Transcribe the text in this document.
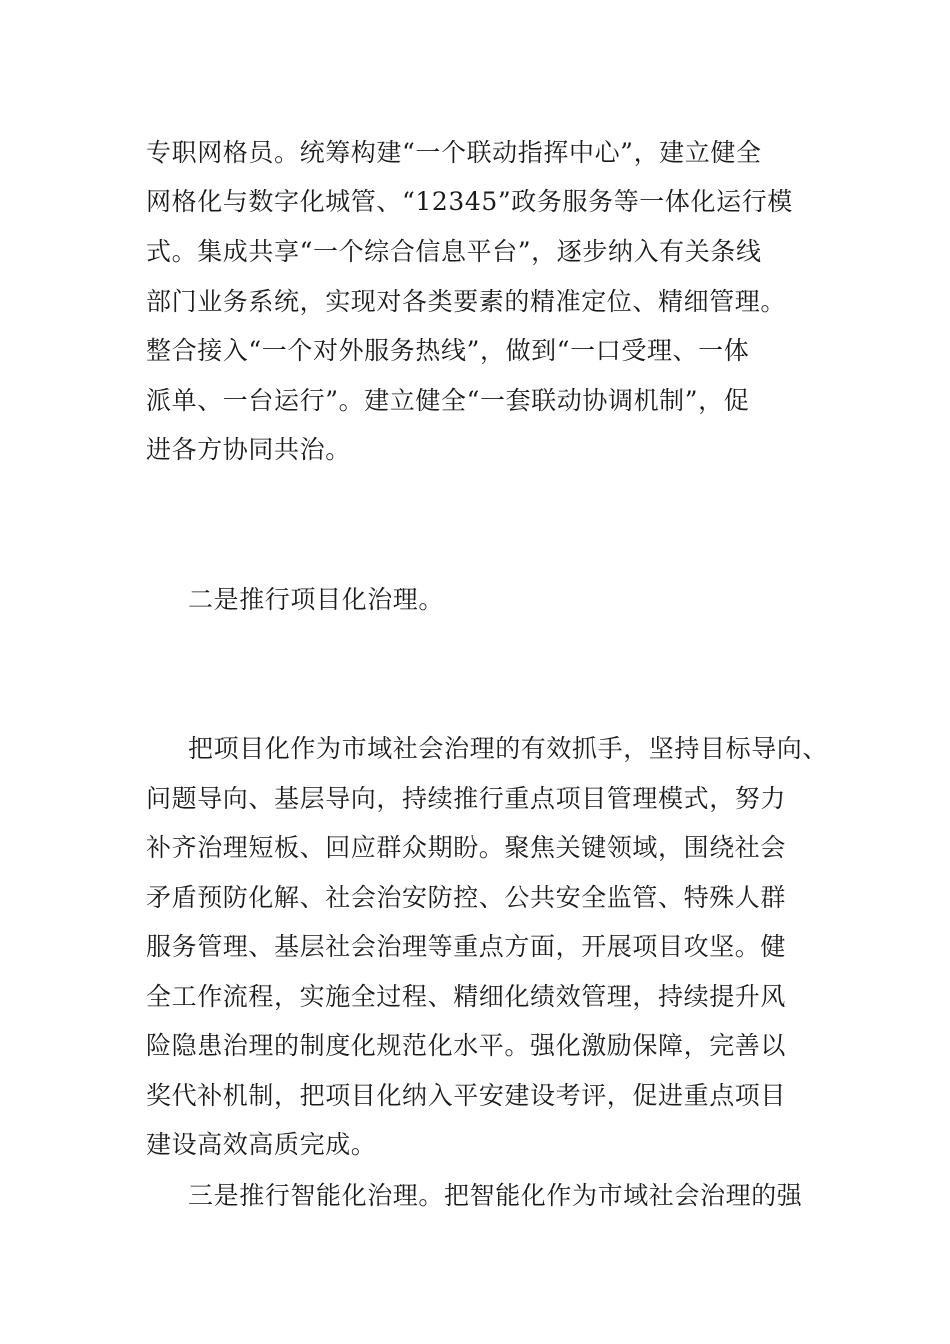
专职网格员。统筹构建“一个联动指挥中心”，建立健全

网格化与数字化城管、“12345”政务服务等一体化运行模

式。集成共享“一个综合信息平台”，逐步纳入有关条线

部门业务系统，实现对各类要素的精准定位、精细管理。

整合接入“一个对外服务热线”，做到“一口受理、一体

派单、一台运行”。建立健全“一套联动协调机制”，促

进各方协同共治。

二是推行项目化治理。

把项目化作为市域社会治理的有效抓手，坚持目标导向、

问题导向、基层导向，持续推行重点项目管理模式，努力

补齐治理短板、回应群众期盼。聚焦关键领域，围绕社会

矛盾预防化解、社会治安防控、公共安全监管、特殊人群

服务管理、基层社会治理等重点方面，开展项目攻坚。健

全工作流程，实施全过程、精细化绩效管理，持续提升风

险隐患治理的制度化规范化水平。强化激励保障，完善以

奖代补机制，把项目化纳入平安建设考评，促进重点项目

建设高效高质完成。

三是推行智能化治理。把智能化作为市域社会治理的强
